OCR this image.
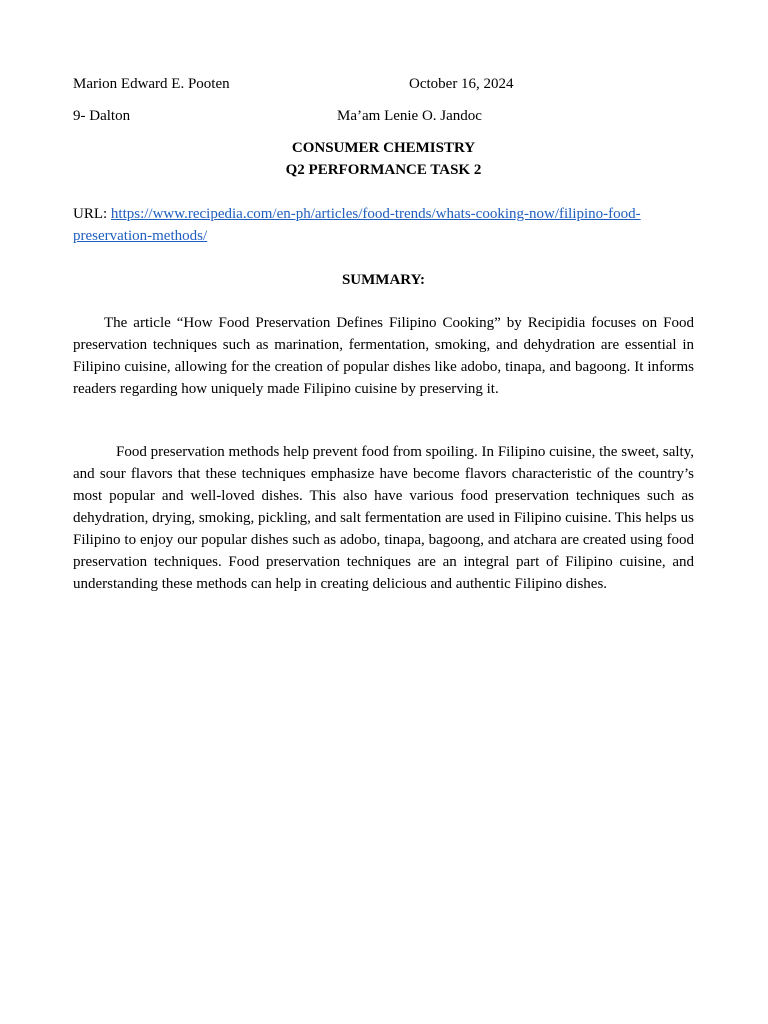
Marion Edward E. Pooten	October 16, 2024
9- Dalton	Ma’am Lenie O. Jandoc
CONSUMER CHEMISTRY
Q2 PERFORMANCE TASK 2
URL: https://www.recipedia.com/en-ph/articles/food-trends/whats-cooking-now/filipino-food-preservation-methods/
SUMMARY:
The article “How Food Preservation Defines Filipino Cooking” by Recipidia focuses on Food preservation techniques such as marination, fermentation, smoking, and dehydration are essential in Filipino cuisine, allowing for the creation of popular dishes like adobo, tinapa, and bagoong. It informs readers regarding how uniquely made Filipino cuisine by preserving it.
Food preservation methods help prevent food from spoiling. In Filipino cuisine, the sweet, salty, and sour flavors that these techniques emphasize have become flavors characteristic of the country’s most popular and well-loved dishes. This also have various food preservation techniques such as dehydration, drying, smoking, pickling, and salt fermentation are used in Filipino cuisine. This helps us Filipino to enjoy our popular dishes such as adobo, tinapa, bagoong, and atchara are created using food preservation techniques. Food preservation techniques are an integral part of Filipino cuisine, and understanding these methods can help in creating delicious and authentic Filipino dishes.
